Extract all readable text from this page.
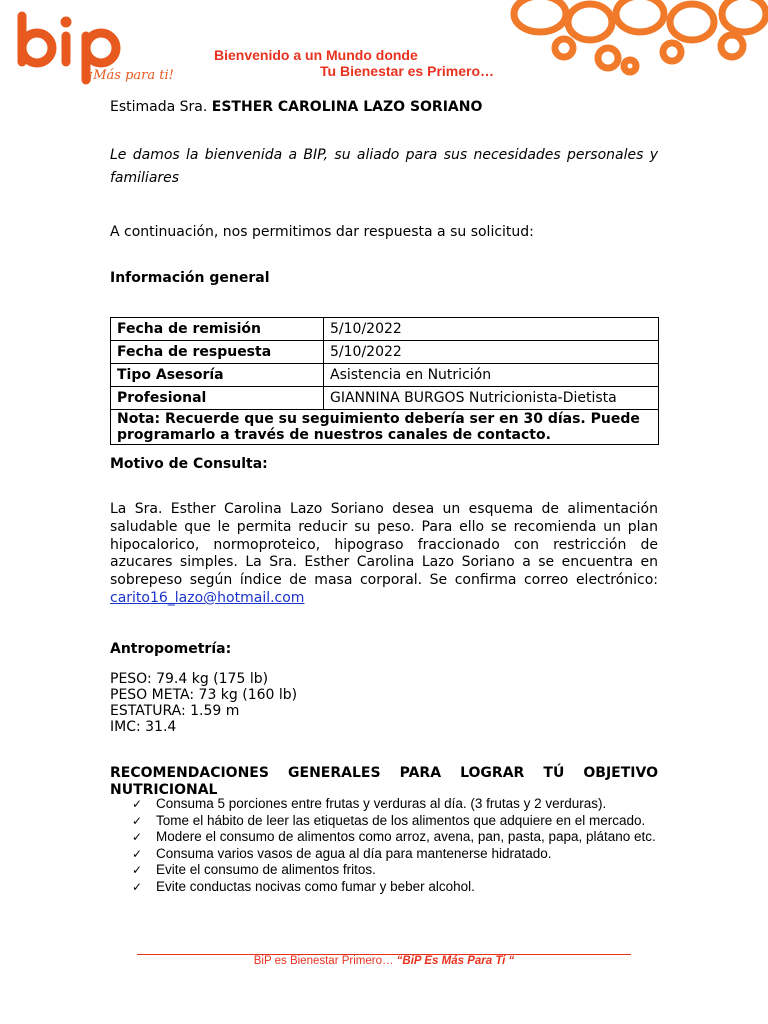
¡Más para ti!
Bienvenido a un Mundo donde
Tu Bienestar es Primero…
Estimada Sra. ESTHER CAROLINA LAZO SORIANO
Le damos la bienvenida a BIP, su aliado para sus necesidades personales y familiares
A continuación, nos permitimos dar respuesta a su solicitud:
Información general
Fecha de remisión	5/10/2022
Fecha de respuesta	5/10/2022
Tipo Asesoría	Asistencia en Nutrición
Profesional	GIANNINA BURGOS Nutricionista-Dietista
Nota: Recuerde que su seguimiento debería ser en 30 días. Puede programarlo a través de nuestros canales de contacto.	
Motivo de Consulta:
La Sra. Esther Carolina Lazo Soriano desea un esquema de alimentación saludable que le permita reducir su peso. Para ello se recomienda un plan hipocalorico, normoproteico, hipograso fraccionado con restricción de azucares simples. La Sra. Esther Carolina Lazo Soriano a se encuentra en sobrepeso según índice de masa corporal. Se confirma correo electrónico: carito16_lazo@hotmail.com
Antropometría:
PESO: 79.4 kg (175 lb)
PESO META: 73 kg (160 lb)
ESTATURA: 1.59 m
IMC: 31.4
RECOMENDACIONES GENERALES PARA LOGRAR TÚ OBJETIVO
NUTRICIONAL
✓ Consuma 5 porciones entre frutas y verduras al día. (3 frutas y 2 verduras).
✓ Tome el hábito de leer las etiquetas de los alimentos que adquiere en el mercado.
✓ Modere el consumo de alimentos como arroz, avena, pan, pasta, papa, plátano etc.
✓ Consuma varios vasos de agua al día para mantenerse hidratado.
✓ Evite el consumo de alimentos fritos.
✓ Evite conductas nocivas como fumar y beber alcohol.
BiP es Bienestar Primero… “BiP Es Más Para Ti “
